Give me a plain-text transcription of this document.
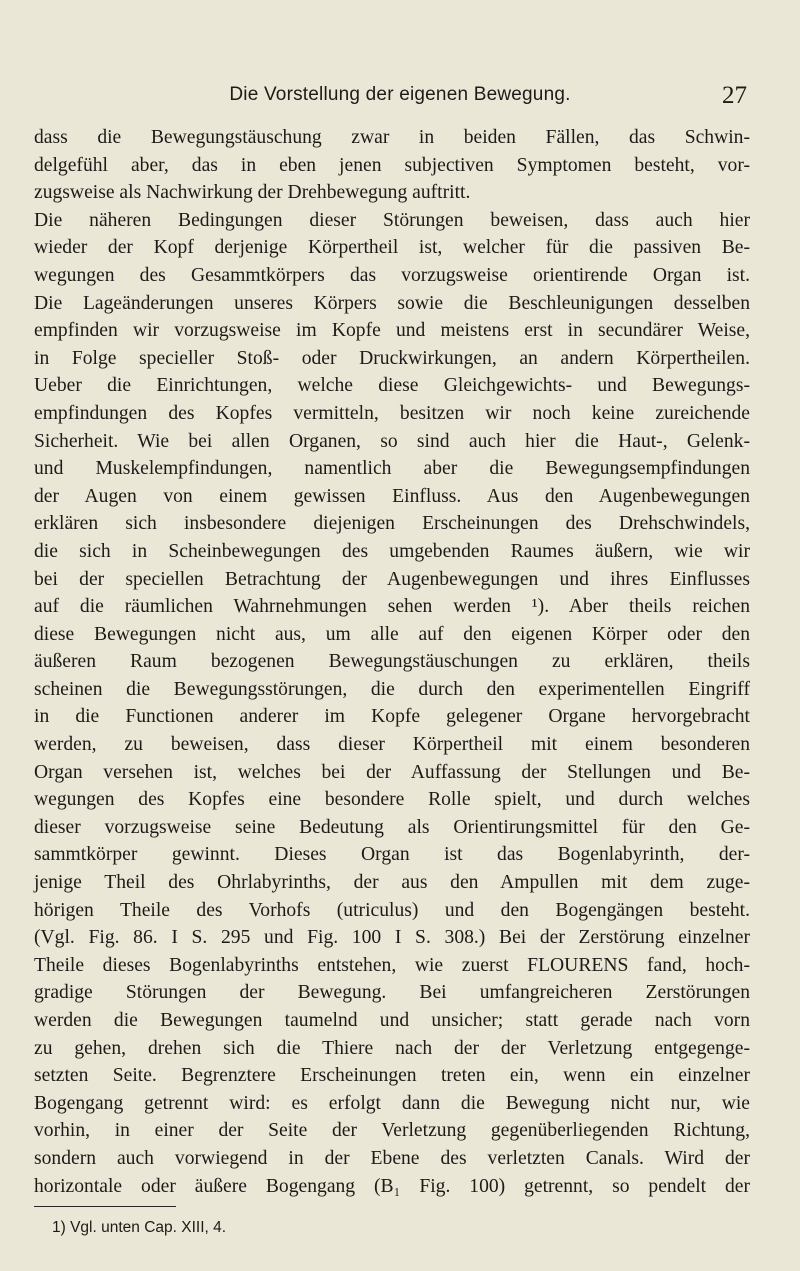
Die Vorstellung der eigenen Bewegung.	27
dass die Bewegungstäuschung zwar in beiden Fällen, das Schwin-
delgefühl aber, das in eben jenen subjectiven Symptomen besteht, vor-
zugsweise als Nachwirkung der Drehbewegung auftritt.
Die näheren Bedingungen dieser Störungen beweisen, dass auch hier
wieder der Kopf derjenige Körpertheil ist, welcher für die passiven Be-
wegungen des Gesammtkörpers das vorzugsweise orientirende Organ ist.
Die Lageänderungen unseres Körpers sowie die Beschleunigungen desselben
empfinden wir vorzugsweise im Kopfe und meistens erst in secundärer Weise,
in Folge specieller Stoß- oder Druckwirkungen, an andern Körpertheilen.
Ueber die Einrichtungen, welche diese Gleichgewichts- und Bewegungs-
empfindungen des Kopfes vermitteln, besitzen wir noch keine zureichende
Sicherheit. Wie bei allen Organen, so sind auch hier die Haut-, Gelenk-
und Muskelempfindungen, namentlich aber die Bewegungsempfindungen
der Augen von einem gewissen Einfluss. Aus den Augenbewegungen
erklären sich insbesondere diejenigen Erscheinungen des Drehschwindels,
die sich in Scheinbewegungen des umgebenden Raumes äußern, wie wir
bei der speciellen Betrachtung der Augenbewegungen und ihres Einflusses
auf die räumlichen Wahrnehmungen sehen werden ¹). Aber theils reichen
diese Bewegungen nicht aus, um alle auf den eigenen Körper oder den
äußeren Raum bezogenen Bewegungstäuschungen zu erklären, theils
scheinen die Bewegungsstörungen, die durch den experimentellen Eingriff
in die Functionen anderer im Kopfe gelegener Organe hervorgebracht
werden, zu beweisen, dass dieser Körpertheil mit einem besonderen
Organ versehen ist, welches bei der Auffassung der Stellungen und Be-
wegungen des Kopfes eine besondere Rolle spielt, und durch welches
dieser vorzugsweise seine Bedeutung als Orientirungsmittel für den Ge-
sammtkörper gewinnt. Dieses Organ ist das Bogenlabyrinth, der-
jenige Theil des Ohrlabyrinths, der aus den Ampullen mit dem zuge-
hörigen Theile des Vorhofs (utriculus) und den Bogengängen besteht.
(Vgl. Fig. 86. I S. 295 und Fig. 100 I S. 308.) Bei der Zerstörung einzelner
Theile dieses Bogenlabyrinths entstehen, wie zuerst FLOURENS fand, hoch-
gradige Störungen der Bewegung. Bei umfangreicheren Zerstörungen
werden die Bewegungen taumelnd und unsicher; statt gerade nach vorn
zu gehen, drehen sich die Thiere nach der der Verletzung entgegenge-
setzten Seite. Begrenztere Erscheinungen treten ein, wenn ein einzelner
Bogengang getrennt wird: es erfolgt dann die Bewegung nicht nur, wie
vorhin, in einer der Seite der Verletzung gegenüberliegenden Richtung,
sondern auch vorwiegend in der Ebene des verletzten Canals. Wird der
horizontale oder äußere Bogengang (B₁ Fig. 100) getrennt, so pendelt der
1) Vgl. unten Cap. XIII, 4.
